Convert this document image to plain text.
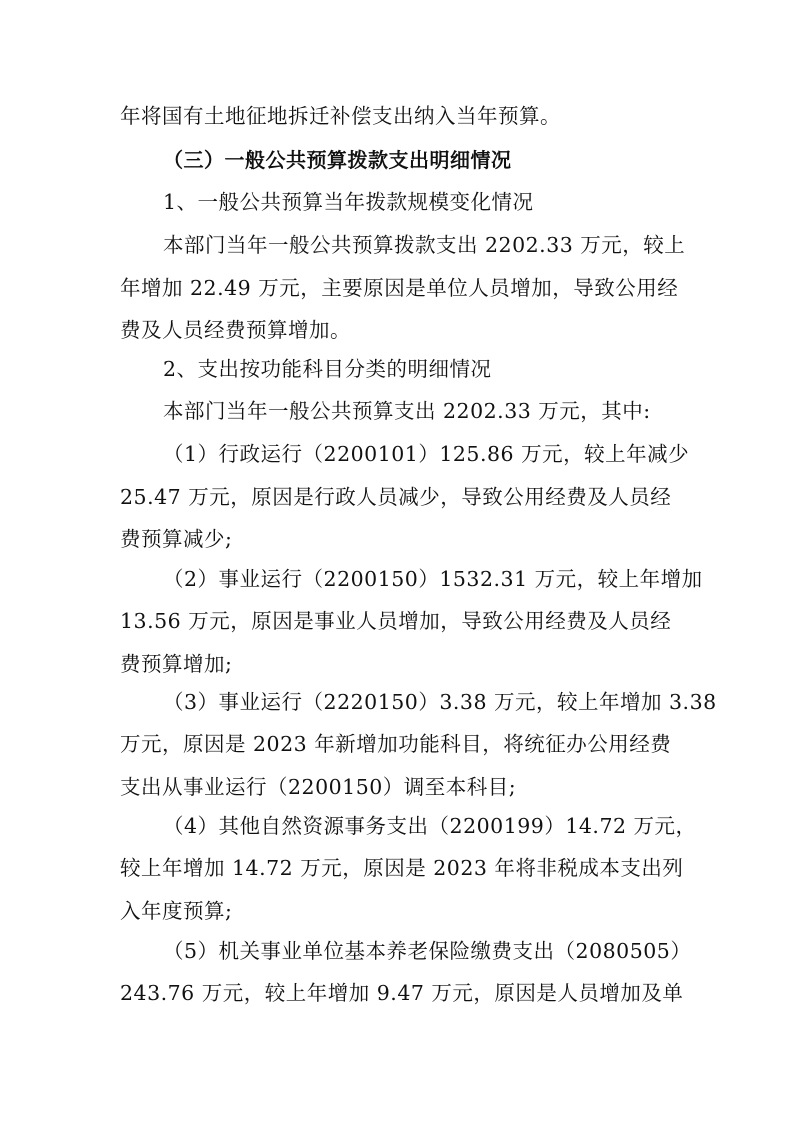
年将国有土地征地拆迁补偿支出纳入当年预算。
（三）一般公共预算拨款支出明细情况
1、一般公共预算当年拨款规模变化情况
本部门当年一般公共预算拨款支出 2202.33 万元，较上
年增加 22.49 万元，主要原因是单位人员增加，导致公用经
费及人员经费预算增加。
2、支出按功能科目分类的明细情况
本部门当年一般公共预算支出 2202.33 万元，其中:
（1）行政运行（2200101）125.86 万元，较上年减少
25.47 万元，原因是行政人员减少，导致公用经费及人员经
费预算减少;
（2）事业运行（2200150）1532.31 万元，较上年增加
13.56 万元，原因是事业人员增加，导致公用经费及人员经
费预算增加;
（3）事业运行（2220150）3.38 万元，较上年增加 3.38
万元，原因是 2023 年新增加功能科目，将统征办公用经费
支出从事业运行（2200150）调至本科目;
（4）其他自然资源事务支出（2200199）14.72 万元，
较上年增加 14.72 万元，原因是 2023 年将非税成本支出列
入年度预算;
（5）机关事业单位基本养老保险缴费支出（2080505）
243.76 万元，较上年增加 9.47 万元，原因是人员增加及单
